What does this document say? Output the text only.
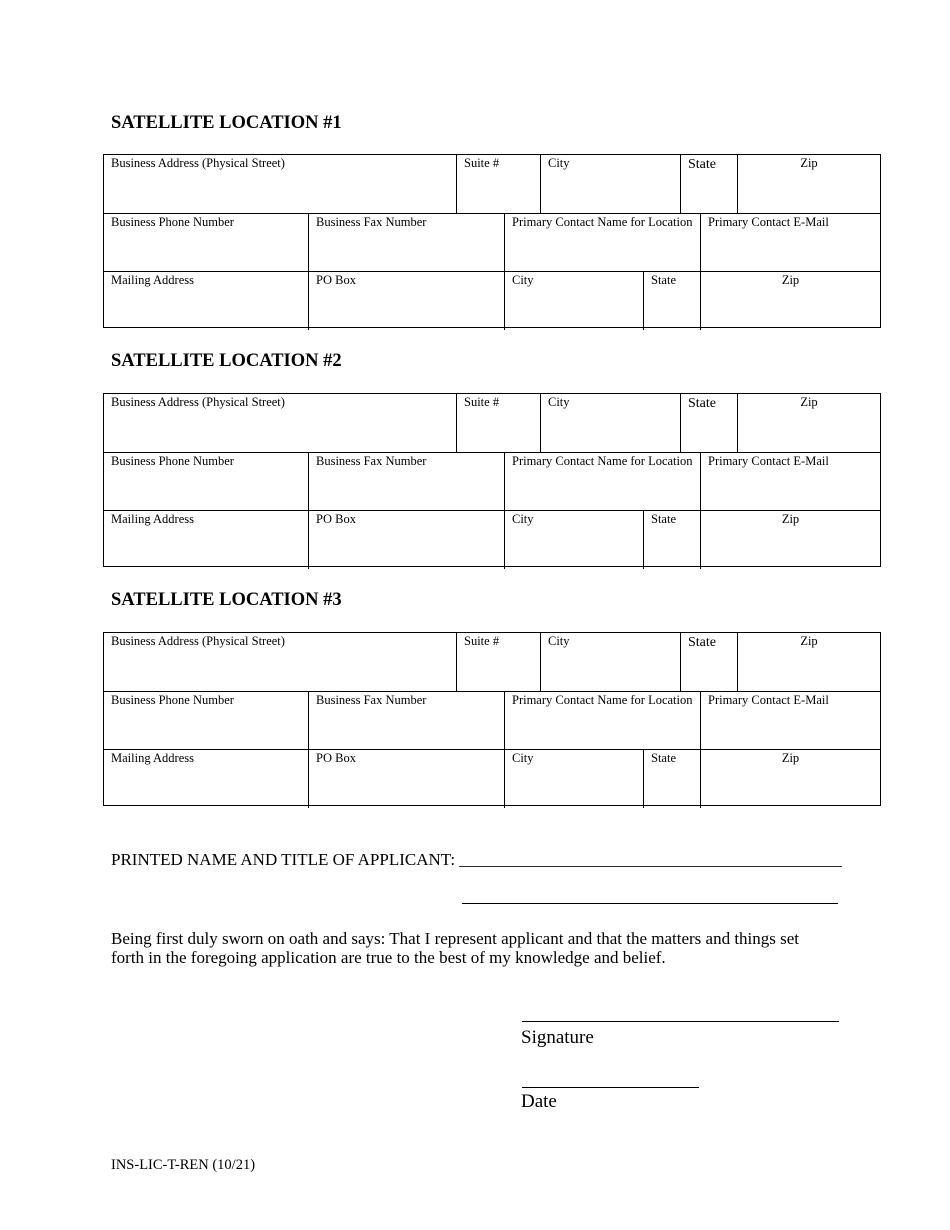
SATELLITE LOCATION #1
Business Address (Physical Street)	Suite #	City	State	Zip
Business Phone Number	Business Fax Number	Primary Contact Name for Location	Primary Contact E-Mail
Mailing Address	PO Box	City	State	Zip
SATELLITE LOCATION #2
Business Address (Physical Street)	Suite #	City	State	Zip
Business Phone Number	Business Fax Number	Primary Contact Name for Location	Primary Contact E-Mail
Mailing Address	PO Box	City	State	Zip
SATELLITE LOCATION #3
Business Address (Physical Street)	Suite #	City	State	Zip
Business Phone Number	Business Fax Number	Primary Contact Name for Location	Primary Contact E-Mail
Mailing Address	PO Box	City	State	Zip
PRINTED NAME AND TITLE OF APPLICANT: _____________________________________________

Being first duly sworn on oath and says: That I represent applicant and that the matters and things set forth in the foregoing application are true to the best of my knowledge and belief.

Signature
Date
INS-LIC-T-REN (10/21)
